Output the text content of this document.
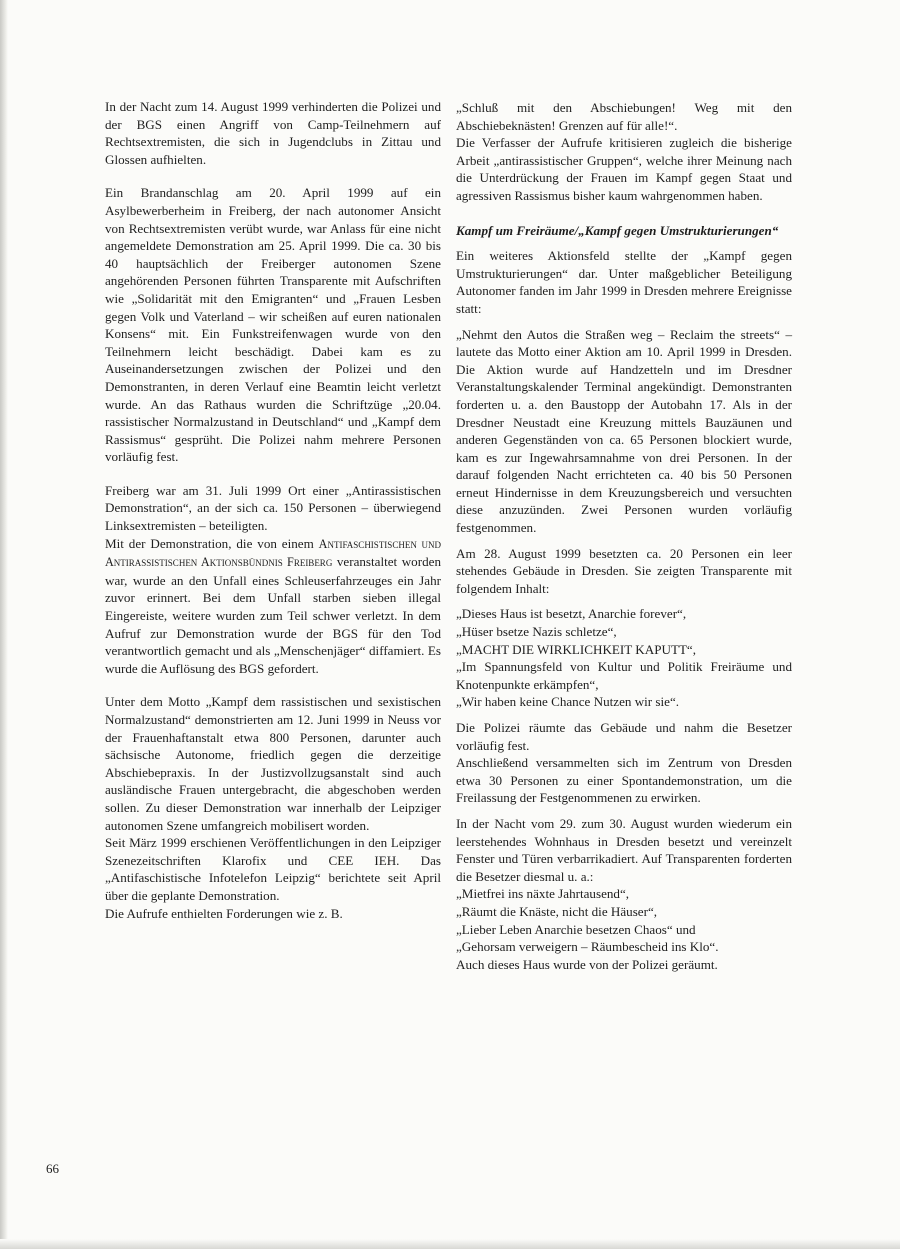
In der Nacht zum 14. August 1999 verhinderten die Polizei und der BGS einen Angriff von Camp-Teilnehmern auf Rechtsextremisten, die sich in Jugendclubs in Zittau und Glossen aufhielten.

Ein Brandanschlag am 20. April 1999 auf ein Asylbewerberheim in Freiberg, der nach autonomer Ansicht von Rechtsextremisten verübt wurde, war Anlass für eine nicht angemeldete Demonstration am 25. April 1999. Die ca. 30 bis 40 hauptsächlich der Freiberger autonomen Szene angehörenden Personen führten Transparente mit Aufschriften wie „Solidarität mit den Emigranten“ und „Frauen Lesben gegen Volk und Vaterland – wir scheißen auf euren nationalen Konsens“ mit. Ein Funkstreifenwagen wurde von den Teilnehmern leicht beschädigt. Dabei kam es zu Auseinandersetzungen zwischen der Polizei und den Demonstranten, in deren Verlauf eine Beamtin leicht verletzt wurde. An das Rathaus wurden die Schriftzüge „20.04. rassistischer Normalzustand in Deutschland“ und „Kampf dem Rassismus“ gesprüht. Die Polizei nahm mehrere Personen vorläufig fest.

Freiberg war am 31. Juli 1999 Ort einer „Antirassistischen Demonstration“, an der sich ca. 150 Personen – überwiegend Linksextremisten – beteiligten.

Mit der Demonstration, die von einem Antifaschistischen und Antirassistischen Aktionsbündnis Freiberg veranstaltet worden war, wurde an den Unfall eines Schleuserfahrzeuges ein Jahr zuvor erinnert. Bei dem Unfall starben sieben illegal Eingereiste, weitere wurden zum Teil schwer verletzt. In dem Aufruf zur Demonstration wurde der BGS für den Tod verantwortlich gemacht und als „Menschenjäger“ diffamiert. Es wurde die Auflösung des BGS gefordert.

Unter dem Motto „Kampf dem rassistischen und sexistischen Normalzustand“ demonstrierten am 12. Juni 1999 in Neuss vor der Frauenhaftanstalt etwa 800 Personen, darunter auch sächsische Autonome, friedlich gegen die derzeitige Abschiebepraxis. In der Justizvollzugsanstalt sind auch ausländische Frauen untergebracht, die abgeschoben werden sollen. Zu dieser Demonstration war innerhalb der Leipziger autonomen Szene umfangreich mobilisert worden.

Seit März 1999 erschienen Veröffentlichungen in den Leipziger Szenezeitschriften Klarofix und CEE IEH. Das „Antifaschistische Infotelefon Leipzig“ berichtete seit April über die geplante Demonstration.

Die Aufrufe enthielten Forderungen wie z. B.

„Schluß mit den Abschiebungen! Weg mit den Abschiebeknästen! Grenzen auf für alle!“.

Die Verfasser der Aufrufe kritisieren zugleich die bisherige Arbeit „antirassistischer Gruppen“, welche ihrer Meinung nach die Unterdrückung der Frauen im Kampf gegen Staat und agressiven Rassismus bisher kaum wahrgenommen haben.

Kampf um Freiräume/„Kampf gegen Umstrukturierungen“

Ein weiteres Aktionsfeld stellte der „Kampf gegen Umstrukturierungen“ dar. Unter maßgeblicher Beteiligung Autonomer fanden im Jahr 1999 in Dresden mehrere Ereignisse statt:

„Nehmt den Autos die Straßen weg – Reclaim the streets“ – lautete das Motto einer Aktion am 10. April 1999 in Dresden. Die Aktion wurde auf Handzetteln und im Dresdner Veranstaltungskalender Terminal angekündigt. Demonstranten forderten u. a. den Baustopp der Autobahn 17. Als in der Dresdner Neustadt eine Kreuzung mittels Bauzäunen und anderen Gegenständen von ca. 65 Personen blockiert wurde, kam es zur Ingewahrsamnahme von drei Personen. In der darauf folgenden Nacht errichteten ca. 40 bis 50 Personen erneut Hindernisse in dem Kreuzungsbereich und versuchten diese anzuzünden. Zwei Personen wurden vorläufig festgenommen.

Am 28. August 1999 besetzten ca. 20 Personen ein leer stehendes Gebäude in Dresden. Sie zeigten Transparente mit folgendem Inhalt:

„Dieses Haus ist besetzt, Anarchie forever“,

„Hüser bsetze Nazis schletze“,

„MACHT DIE WIRKLICHKEIT KAPUTT“,

„Im Spannungsfeld von Kultur und Politik Freiräume und Knotenpunkte erkämpfen“,

„Wir haben keine Chance Nutzen wir sie“.

Die Polizei räumte das Gebäude und nahm die Besetzer vorläufig fest.

Anschließend versammelten sich im Zentrum von Dresden etwa 30 Personen zu einer Spontandemonstration, um die Freilassung der Festgenommenen zu erwirken.

In der Nacht vom 29. zum 30. August wurden wiederum ein leerstehendes Wohnhaus in Dresden besetzt und vereinzelt Fenster und Türen verbarrikadiert. Auf Transparenten forderten die Besetzer diesmal u. a.:

„Mietfrei ins näxte Jahrtausend“,

„Räumt die Knäste, nicht die Häuser“,

„Lieber Leben Anarchie besetzen Chaos“ und

„Gehorsam verweigern – Räumbescheid ins Klo“.

Auch dieses Haus wurde von der Polizei geräumt.

66
